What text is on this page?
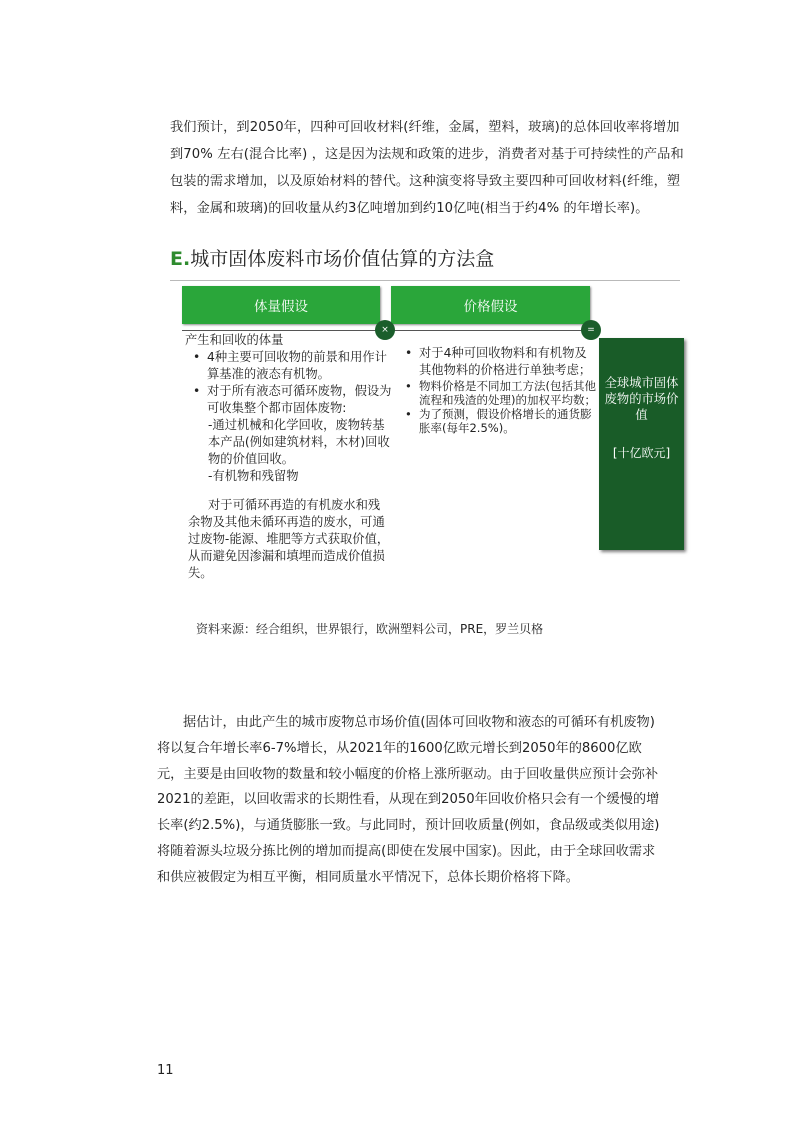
我们预计，到2050年，四种可回收材料(纤维，金属，塑料，玻璃)的总体回收率将增加到70% 左右(混合比率) ，这是因为法规和政策的进步，消费者对基于可持续性的产品和包装的需求增加，以及原始材料的替代。这种演变将导致主要四种可回收材料(纤维，塑料，金属和玻璃)的回收量从约3亿吨增加到约10亿吨(相当于约4% 的年增长率)。
E.城市固体废料市场价值估算的方法盒
体量假设	价格假设
×	=
产生和回收的体量
• 4种主要可回收物的前景和用作计算基准的液态有机物。
• 对于所有液态可循环废物，假设为可收集整个都市固体废物:
-通过机械和化学回收，废物转基本产品(例如建筑材料，木材)回收物的价值回收。
-有机物和残留物
对于可循环再造的有机废水和残余物及其他未循环再造的废水，可通过废物-能源、堆肥等方式获取价值，从而避免因渗漏和填埋而造成价值损失。
• 对于4种可回收物料和有机物及其他物料的价格进行单独考虑；
• 物料价格是不同加工方法(包括其他流程和残渣的处理)的加权平均数；
• 为了预测，假设价格增长的通货膨胀率(每年2.5%)。
全球城市固体废物的市场价值
[十亿欧元]
资料来源：经合组织，世界银行，欧洲塑料公司，PRE，罗兰贝格
据估计，由此产生的城市废物总市场价值(固体可回收物和液态的可循环有机废物)将以复合年增长率6-7%增长，从2021年的1600亿欧元增长到2050年的8600亿欧元，主要是由回收物的数量和较小幅度的价格上涨所驱动。由于回收量供应预计会弥补2021的差距，以回收需求的长期性看，从现在到2050年回收价格只会有一个缓慢的增长率(约2.5%)，与通货膨胀一致。与此同时，预计回收质量(例如，食品级或类似用途)将随着源头垃圾分拣比例的增加而提高(即使在发展中国家)。因此，由于全球回收需求和供应被假定为相互平衡，相同质量水平情况下，总体长期价格将下降。
11
